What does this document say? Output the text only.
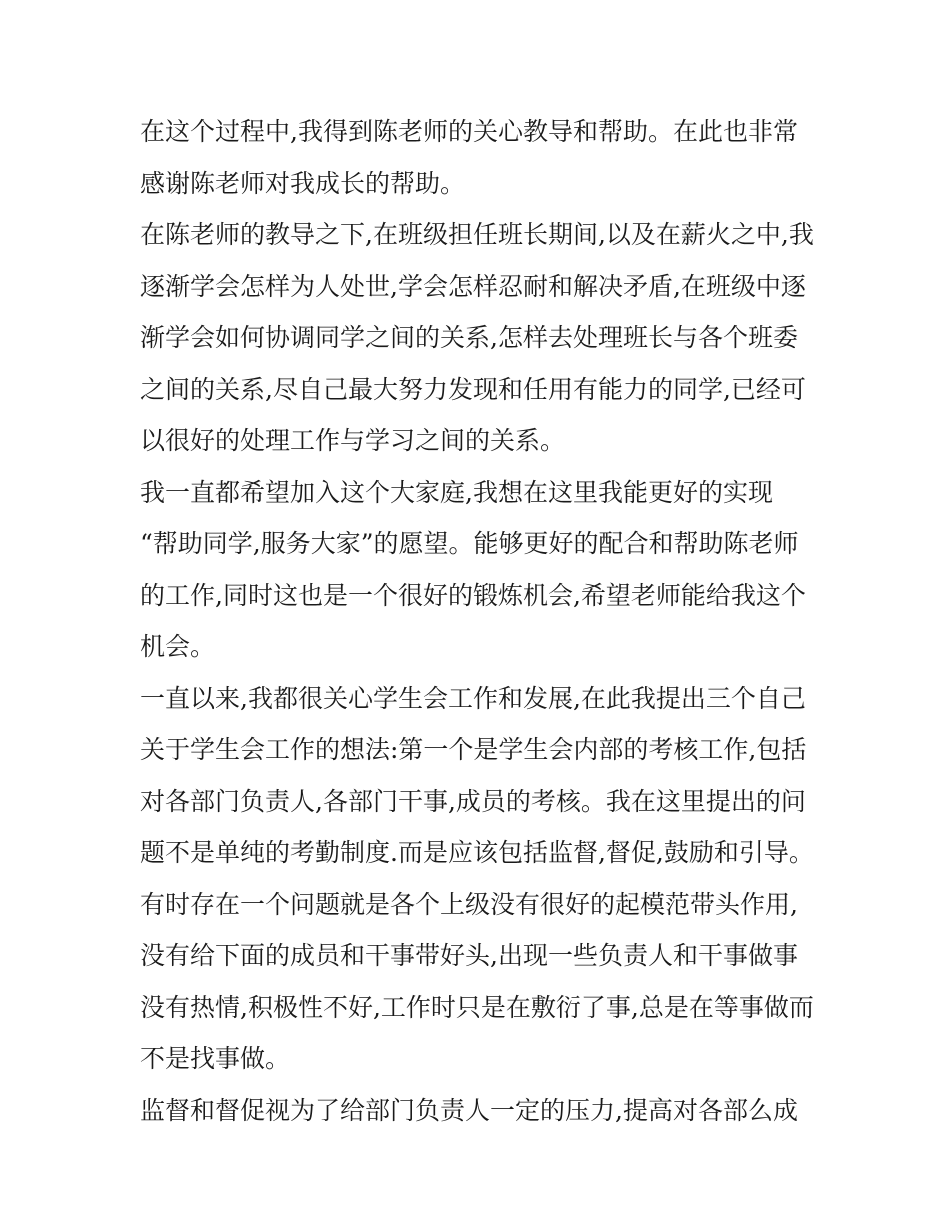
在这个过程中,我得到陈老师的关心教导和帮助。在此也非常
感谢陈老师对我成长的帮助。
在陈老师的教导之下,在班级担任班长期间,以及在薪火之中,我
逐渐学会怎样为人处世,学会怎样忍耐和解决矛盾,在班级中逐
渐学会如何协调同学之间的关系,怎样去处理班长与各个班委
之间的关系,尽自己最大努力发现和任用有能力的同学,已经可
以很好的处理工作与学习之间的关系。
我一直都希望加入这个大家庭,我想在这里我能更好的实现
“帮助同学,服务大家”的愿望。能够更好的配合和帮助陈老师
的工作,同时这也是一个很好的锻炼机会,希望老师能给我这个
机会。
一直以来,我都很关心学生会工作和发展,在此我提出三个自己
关于学生会工作的想法:第一个是学生会内部的考核工作,包括
对各部门负责人,各部门干事,成员的考核。我在这里提出的问
题不是单纯的考勤制度.而是应该包括监督,督促,鼓励和引导。
有时存在一个问题就是各个上级没有很好的起模范带头作用,
没有给下面的成员和干事带好头,出现一些负责人和干事做事
没有热情,积极性不好,工作时只是在敷衍了事,总是在等事做而
不是找事做。
监督和督促视为了给部门负责人一定的压力,提高对各部么成
